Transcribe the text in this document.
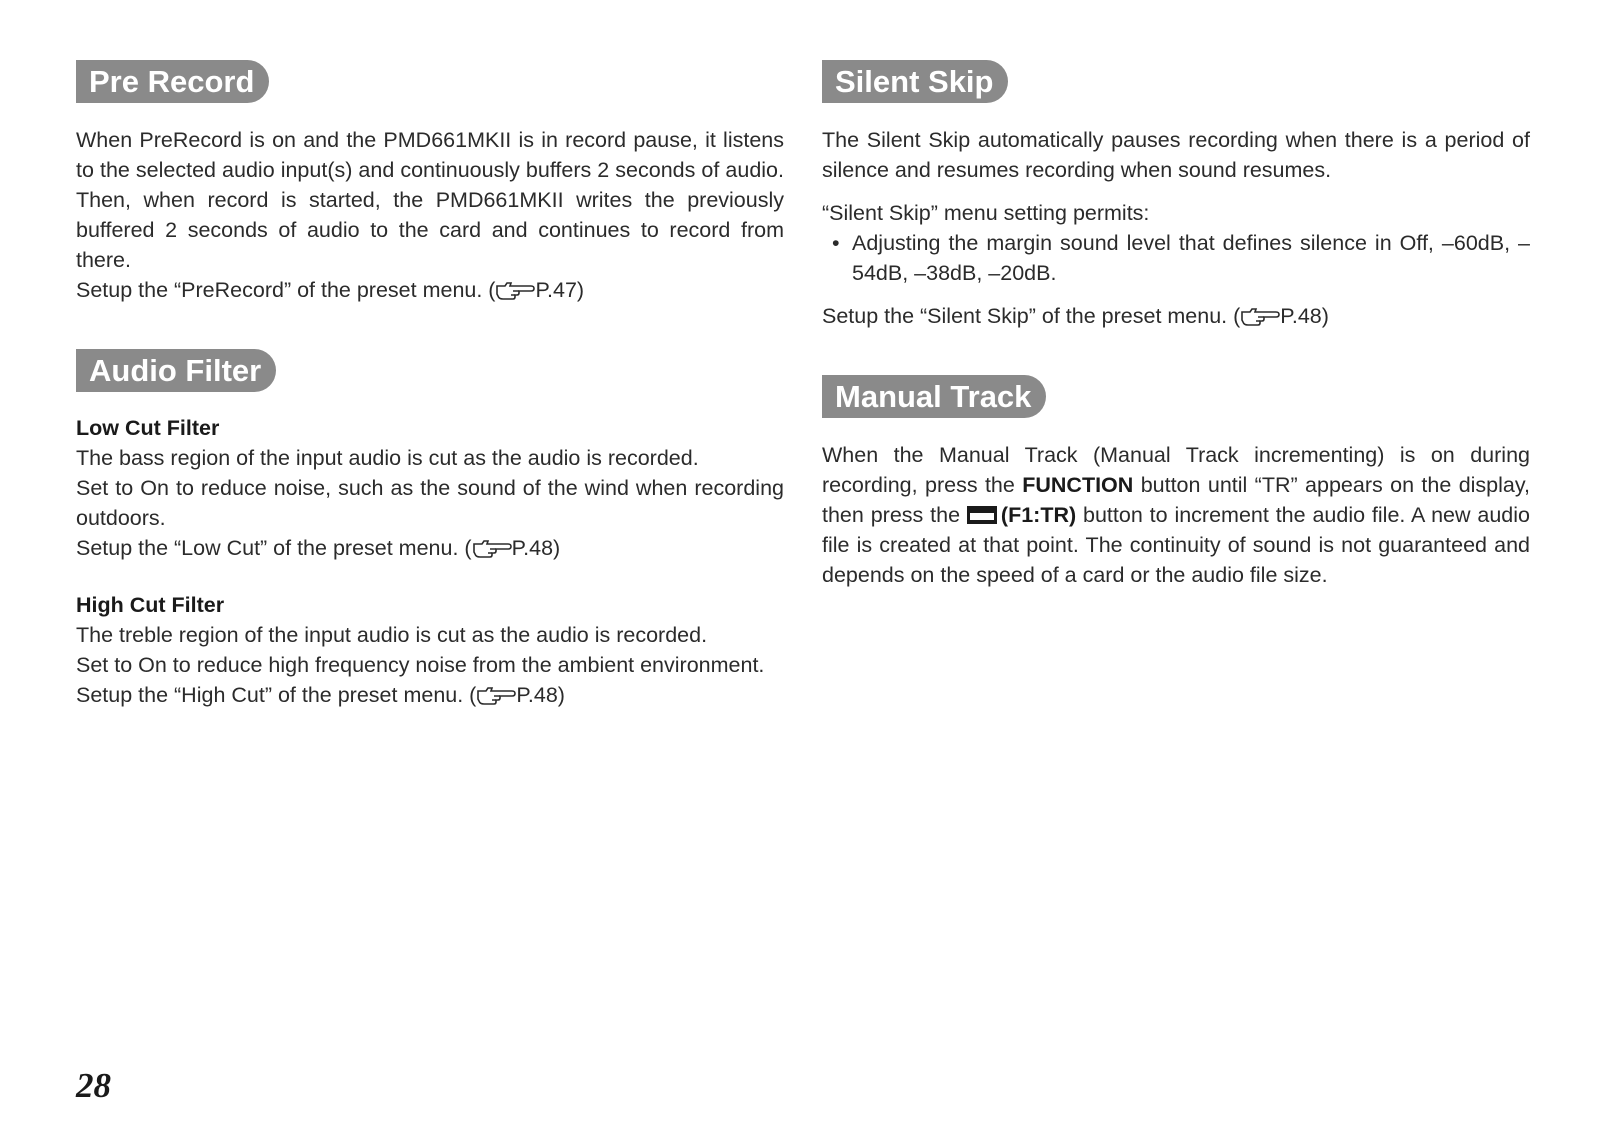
Pre Record

When PreRecord is on and the PMD661MKII is in record pause, it listens to the selected audio input(s) and continuously buffers 2 seconds of audio. Then, when record is started, the PMD661MKII writes the previously buffered 2 seconds of audio to the card and continues to record from there.

Setup the “PreRecord” of the preset menu. ( P.47)

Audio Filter
Low Cut Filter

The bass region of the input audio is cut as the audio is recorded.

Set to On to reduce noise, such as the sound of the wind when recording outdoors.

Setup the “Low Cut” of the preset menu. ( P.48)

High Cut Filter

The treble region of the input audio is cut as the audio is recorded.

Set to On to reduce high frequency noise from the ambient environment.

Setup the “High Cut” of the preset menu. ( P.48)

Silent Skip

The Silent Skip automatically pauses recording when there is a period of silence and resumes recording when sound resumes.

“Silent Skip” menu setting permits:

• Adjusting the margin sound level that defines silence in Off, –60dB, –54dB, –38dB, –20dB.

Setup the “Silent Skip” of the preset menu. ( P.48)

Manual Track

When the Manual Track (Manual Track incrementing) is on during recording, press the FUNCTION button until “TR” appears on the display, then press the (F1:TR) button to increment the audio file. A new audio file is created at that point. The continuity of sound is not guaranteed and depends on the speed of a card or the audio file size.

28
